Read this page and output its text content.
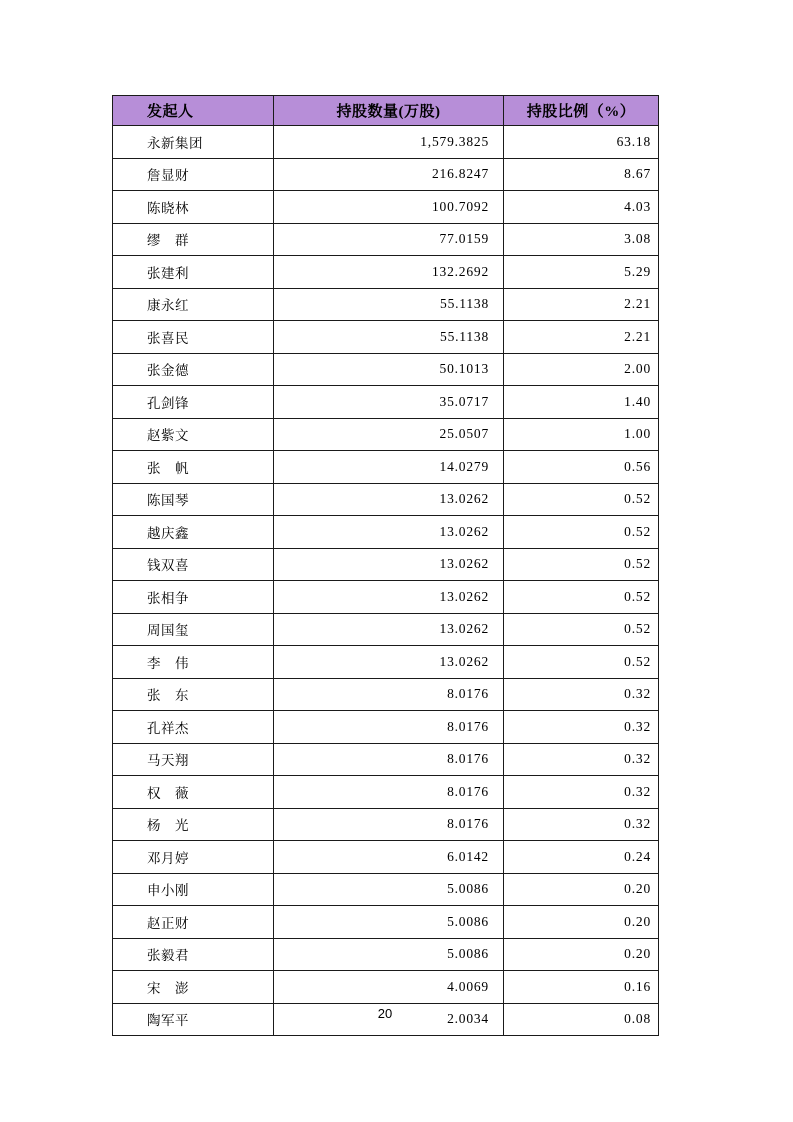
发起人	持股数量(万股)	持股比例（%）
永新集团	1,579.3825	63.18
詹显财	216.8247	8.67
陈晓林	100.7092	4.03
缪　群	77.0159	3.08
张建利	132.2692	5.29
康永红	55.1138	2.21
张喜民	55.1138	2.21
张金德	50.1013	2.00
孔剑锋	35.0717	1.40
赵紫文	25.0507	1.00
张　帆	14.0279	0.56
陈国琴	13.0262	0.52
越庆鑫	13.0262	0.52
钱双喜	13.0262	0.52
张相争	13.0262	0.52
周国玺	13.0262	0.52
李　伟	13.0262	0.52
张　东	8.0176	0.32
孔祥杰	8.0176	0.32
马天翔	8.0176	0.32
权　薇	8.0176	0.32
杨　光	8.0176	0.32
邓月婷	6.0142	0.24
申小刚	5.0086	0.20
赵正财	5.0086	0.20
张毅君	5.0086	0.20
宋　澎	4.0069	0.16
陶军平	2.0034	0.08
20
